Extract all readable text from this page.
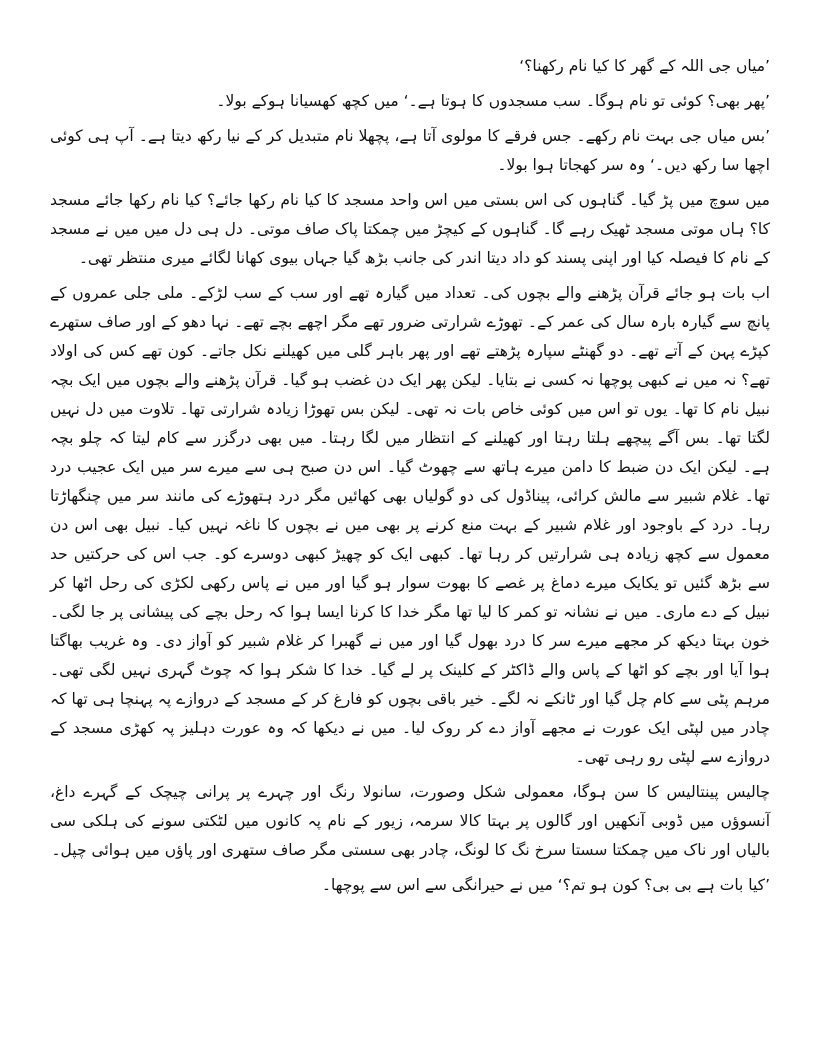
’میاں جی اللہ کے گھر کا کیا نام رکھنا؟‘

’پھر بھی؟ کوئی تو نام ہوگا۔ سب مسجدوں کا ہوتا ہے۔‘ میں کچھ کھسیانا ہوکے بولا۔

’بس میاں جی بہت نام رکھے۔ جس فرقے کا مولوی آتا ہے، پچھلا نام متبدیل کر کے نیا رکھ دیتا ہے۔ آپ ہی کوئی اچھا سا رکھ دیں۔‘ وہ سر کھجاتا ہوا بولا۔

میں سوچ میں پڑ گیا۔ گناہوں کی اس بستی میں اس واحد مسجد کا کیا نام رکھا جائے؟ کیا نام رکھا جائے مسجد کا؟ ہاں موتی مسجد ٹھیک رہے گا۔ گناہوں کے کیچڑ میں چمکتا پاک صاف موتی۔ دل ہی دل میں میں نے مسجد کے نام کا فیصلہ کیا اور اپنی پسند کو داد دیتا اندر کی جانب بڑھ گیا جہاں بیوی کھانا لگائے میری منتظر تھی۔

اب بات ہو جائے قرآن پڑھنے والے بچوں کی۔ تعداد میں گیارہ تھے اور سب کے سب لڑکے۔ ملی جلی عمروں کے پانچ سے گیارہ بارہ سال کی عمر کے۔ تھوڑے شرارتی ضرور تھے مگر اچھے بچے تھے۔ نہا دھو کے اور صاف ستھرے کپڑے پہن کے آتے تھے۔ دو گھنٹے سپارہ پڑھتے تھے اور پھر باہر گلی میں کھیلنے نکل جاتے۔ کون تھے کس کی اولاد تھے؟ نہ میں نے کبھی پوچھا نہ کسی نے بتایا۔ لیکن پھر ایک دن غضب ہو گیا۔ قرآن پڑھنے والے بچوں میں ایک بچہ نبیل نام کا تھا۔ یوں تو اس میں کوئی خاص بات نہ تھی۔ لیکن بس تھوڑا زیادہ شرارتی تھا۔ تلاوت میں دل نہیں لگتا تھا۔ بس آگے پیچھے ہلتا رہتا اور کھیلنے کے انتظار میں لگا رہتا۔ میں بھی درگزر سے کام لیتا کہ چلو بچہ ہے۔ لیکن ایک دن ضبط کا دامن میرے ہاتھ سے چھوٹ گیا۔ اس دن صبح ہی سے میرے سر میں ایک عجیب درد تھا۔ غلام شبیر سے مالش کرائی، پیناڈول کی دو گولیاں بھی کھائیں مگر درد ہتھوڑے کی مانند سر میں چنگھاڑتا رہا۔ درد کے باوجود اور غلام شبیر کے بہت منع کرنے پر بھی میں نے بچوں کا ناغہ نہیں کیا۔ نبیل بھی اس دن معمول سے کچھ زیادہ ہی شرارتیں کر رہا تھا۔ کبھی ایک کو چھیڑ کبھی دوسرے کو۔ جب اس کی حرکتیں حد سے بڑھ گئیں تو یکایک میرے دماغ پر غصے کا بھوت سوار ہو گیا اور میں نے پاس رکھی لکڑی کی رحل اٹھا کر نبیل کے دے ماری۔ میں نے نشانہ تو کمر کا لیا تھا مگر خدا کا کرنا ایسا ہوا کہ رحل بچے کی پیشانی پر جا لگی۔ خون بہتا دیکھ کر مجھے میرے سر کا درد بھول گیا اور میں نے گھبرا کر غلام شبیر کو آواز دی۔ وہ غریب بھاگتا ہوا آیا اور بچے کو اٹھا کے پاس والے ڈاکٹر کے کلینک پر لے گیا۔ خدا کا شکر ہوا کہ چوٹ گہری نہیں لگی تھی۔ مرہم پٹی سے کام چل گیا اور ٹانکے نہ لگے۔ خیر باقی بچوں کو فارغ کر کے مسجد کے دروازے پہ پہنچا ہی تھا کہ چادر میں لپٹی ایک عورت نے مجھے آواز دے کر روک لیا۔ میں نے دیکھا کہ وہ عورت دہلیز پہ کھڑی مسجد کے دروازے سے لپٹی رو رہی تھی۔

چالیس پینتالیس کا سن ہوگا، معمولی شکل وصورت، سانولا رنگ اور چہرے پر پرانی چیچک کے گہرے داغ، آنسوؤں میں ڈوبی آنکھیں اور گالوں پر بہتا کالا سرمہ، زیور کے نام پہ کانوں میں لٹکتی سونے کی ہلکی سی بالیاں اور ناک میں چمکتا سستا سرخ نگ کا لونگ، چادر بھی سستی مگر صاف ستھری اور پاؤں میں ہوائی چپل۔

’کیا بات ہے بی بی؟ کون ہو تم؟‘ میں نے حیرانگی سے اس سے پوچھا۔
